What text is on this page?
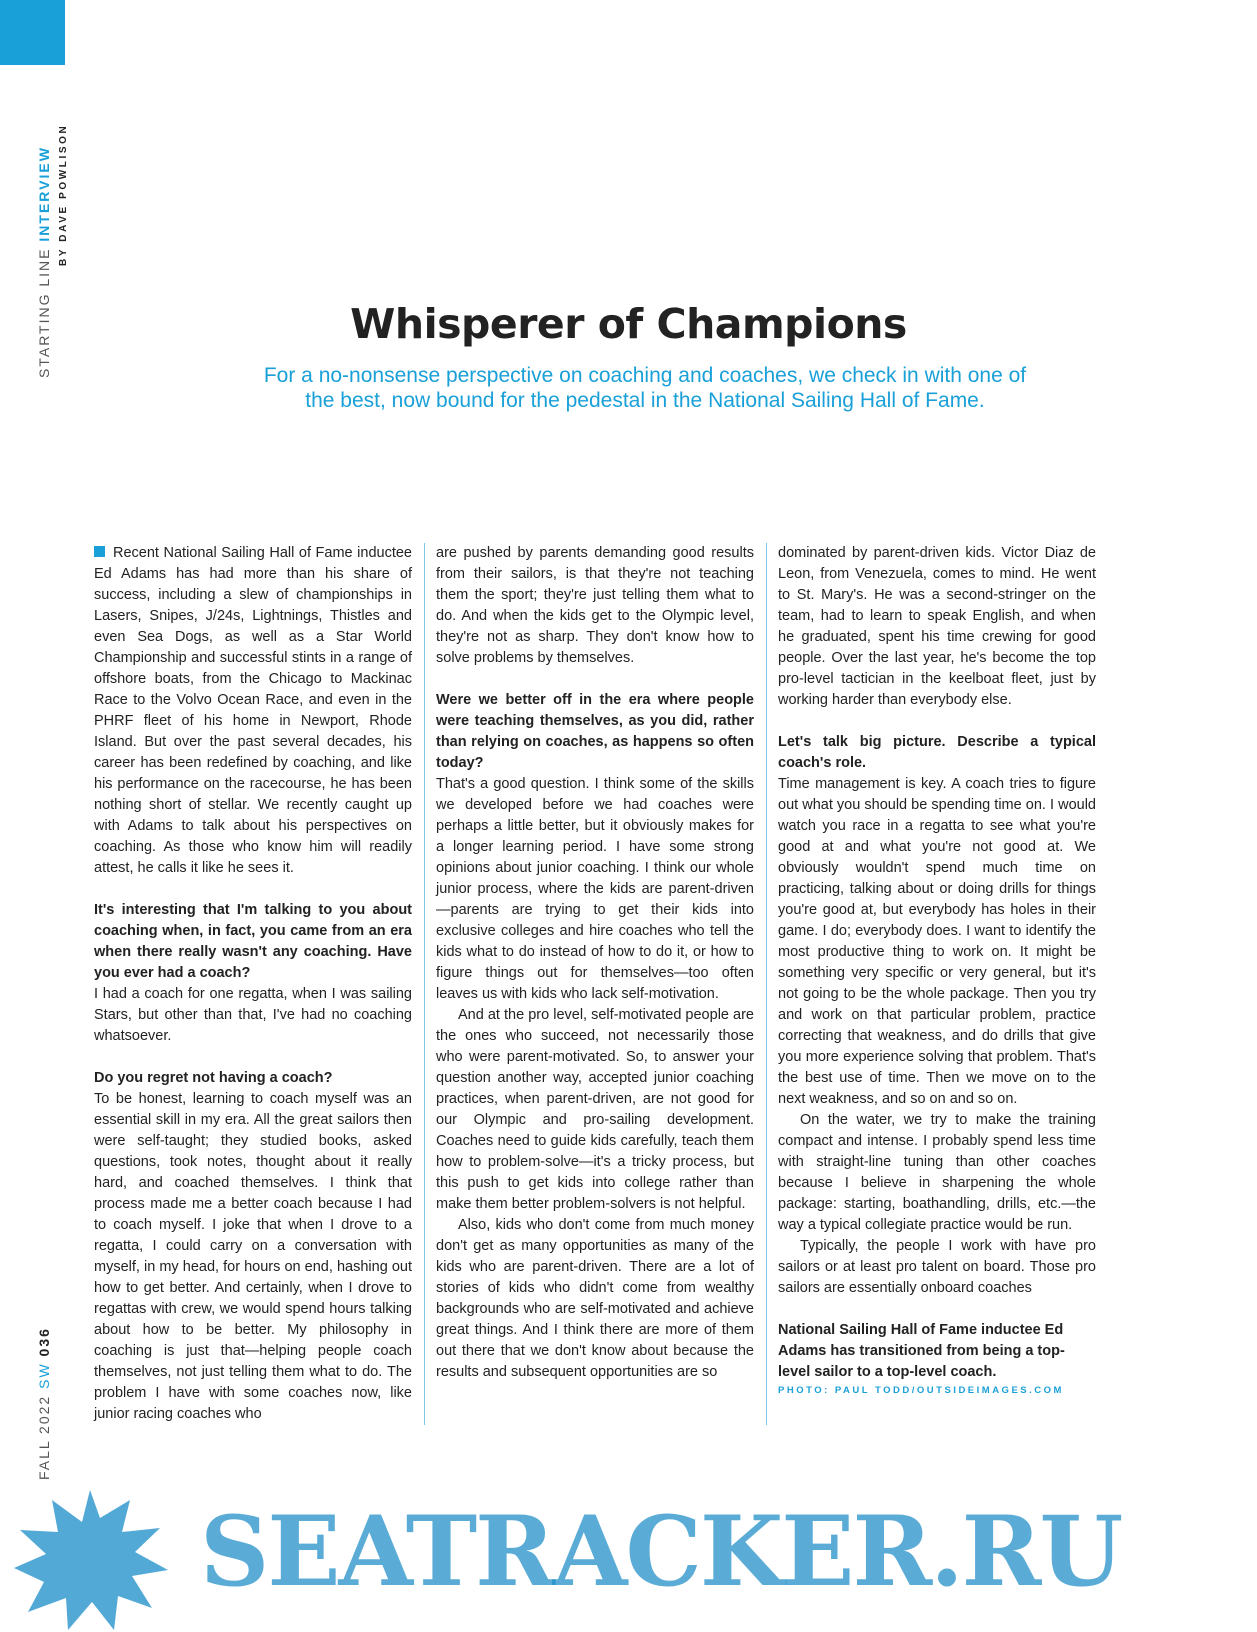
STARTING LINE INTERVIEW BY DAVE POWLISON
FALL 2022 SW 036
Whisperer of Champions
For a no-nonsense perspective on coaching and coaches, we check in with one of the best, now bound for the pedestal in the National Sailing Hall of Fame.

Recent National Sailing Hall of Fame inductee Ed Adams has had more than his share of success, including a slew of championships in Lasers, Snipes, J/24s, Lightnings, Thistles and even Sea Dogs, as well as a Star World Championship and successful stints in a range of offshore boats, from the Chicago to Mackinac Race to the Volvo Ocean Race, and even in the PHRF fleet of his home in Newport, Rhode Island. But over the past several decades, his career has been redefined by coaching, and like his performance on the racecourse, he has been nothing short of stellar. We recently caught up with Adams to talk about his perspectives on coaching. As those who know him will readily attest, he calls it like he sees it.

It's interesting that I'm talking to you about coaching when, in fact, you came from an era when there really wasn't any coaching. Have you ever had a coach?

I had a coach for one regatta, when I was sailing Stars, but other than that, I've had no coaching whatsoever.

Do you regret not having a coach?

To be honest, learning to coach myself was an essential skill in my era. All the great sailors then were self-taught; they studied books, asked questions, took notes, thought about it really hard, and coached themselves. I think that process made me a better coach because I had to coach myself. I joke that when I drove to a regatta, I could carry on a conversation with myself, in my head, for hours on end, hashing out how to get better. And certainly, when I drove to regattas with crew, we would spend hours talking about how to be better. My philosophy in coaching is just that—helping people coach themselves, not just telling them what to do. The problem I have with some coaches now, like junior racing coaches who

are pushed by parents demanding good results from their sailors, is that they're not teaching them the sport; they're just telling them what to do. And when the kids get to the Olympic level, they're not as sharp. They don't know how to solve problems by themselves.

Were we better off in the era where people were teaching themselves, as you did, rather than relying on coaches, as happens so often today?

That's a good question. I think some of the skills we developed before we had coaches were perhaps a little better, but it obviously makes for a longer learning period. I have some strong opinions about junior coaching. I think our whole junior process, where the kids are parent-driven—parents are trying to get their kids into exclusive colleges and hire coaches who tell the kids what to do instead of how to do it, or how to figure things out for themselves—too often leaves us with kids who lack self-motivation.

And at the pro level, self-motivated people are the ones who succeed, not necessarily those who were parent-motivated. So, to answer your question another way, accepted junior coaching practices, when parent-driven, are not good for our Olympic and pro-sailing development. Coaches need to guide kids carefully, teach them how to problem-solve—it's a tricky process, but this push to get kids into college rather than make them better problem-solvers is not helpful.

Also, kids who don't come from much money don't get as many opportunities as many of the kids who are parent-driven. There are a lot of stories of kids who didn't come from wealthy backgrounds who are self-motivated and achieve great things. And I think there are more of them out there that we don't know about because the results and subsequent opportunities are so

dominated by parent-driven kids. Victor Diaz de Leon, from Venezuela, comes to mind. He went to St. Mary's. He was a second-stringer on the team, had to learn to speak English, and when he graduated, spent his time crewing for good people. Over the last year, he's become the top pro-level tactician in the keelboat fleet, just by working harder than everybody else.

Let's talk big picture. Describe a typical coach's role.

Time management is key. A coach tries to figure out what you should be spending time on. I would watch you race in a regatta to see what you're good at and what you're not good at. We obviously wouldn't spend much time on practicing, talking about or doing drills for things you're good at, but everybody has holes in their game. I do; everybody does. I want to identify the most productive thing to work on. It might be something very specific or very general, but it's not going to be the whole package. Then you try and work on that particular problem, practice correcting that weakness, and do drills that give you more experience solving that problem. That's the best use of time. Then we move on to the next weakness, and so on and so on.

On the water, we try to make the training compact and intense. I probably spend less time with straight-line tuning than other coaches because I believe in sharpening the whole package: starting, boathandling, drills, etc.—the way a typical collegiate practice would be run.

Typically, the people I work with have pro sailors or at least pro talent on board. Those pro sailors are essentially onboard coaches

National Sailing Hall of Fame inductee Ed Adams has transitioned from being a top-level sailor to a top-level coach.
PHOTO: PAUL TODD/OUTSIDEIMAGES.COM
SEATRACKER.RU
